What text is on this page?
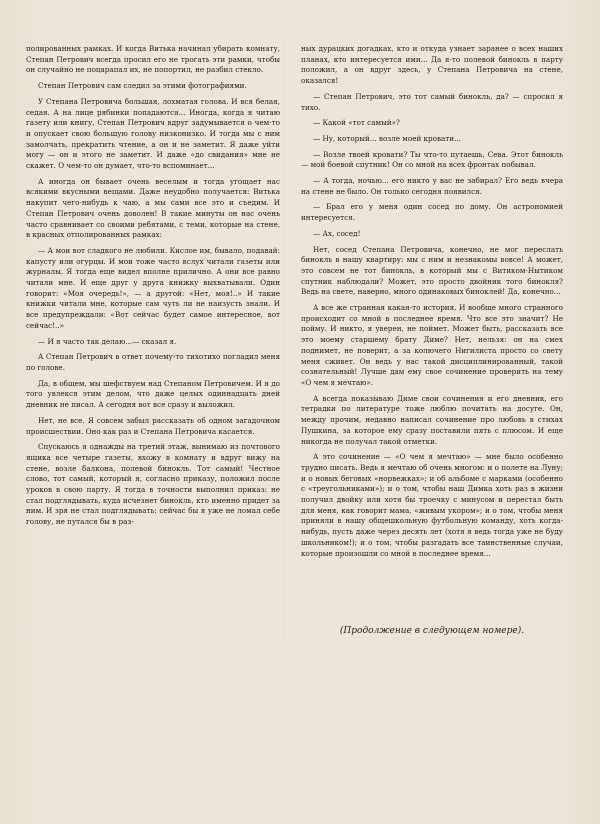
полированных рамках. И когда Витька начинал убирать комнату, Степан Петрович всегда просил его не трогать эти рамки, чтобы он случайно не поцарапал их, не попортил, не разбил стекло.

Степан Петрович сам следил за этими фотографиями.

У Степана Петровича большая, лохматая голова. И вся белая, седая. А на лице рябинки попадаются... Иногда, когда я читаю газету или книгу, Степан Петрович вдруг задумывается о чем-то и опускает свою большую голову низконизко. И тогда мы с ним замолчать, прекратить чтение, а он и не заметит. Я даже уйти могу — он и этого не заметит. И даже «до свидания» мне не скажет. О чем-то он думает, что-то вспоминает...

А иногда он бывает очень веселым и тогда угощает нас всякими вкусными вещами. Даже неудобно получается: Витька накупит чего-нибудь к чаю, а мы сами все это и съедим. И Степан Петрович очень доволен! В такие минуты он нас очень часто сравнивает со своими ребятами, с теми, которые на стене, в красных отполированных рамках:

— А мои вот сладкого не любили. Кислое им, бывало, подавай: капусту или огурцы. И мои тоже часто вслух читали газеты или журналы. Я тогда еще видел вполне прилично. А они все равно читали мне. И еще друг у друга книжку выхватывали. Один говорит: «Моя очередь!», — а другой: «Нет, моя!..» И такие книжки читали мне, которые сам чуть ли не наизусть знали. И все предупреждали: «Вот сейчас будет самое интересное, вот сейчас!..»

— И я часто так делаю...— сказал я.

А Степан Петрович в ответ почему-то тихотихо погладил меня по голове.

Да, в общем, мы шефствуем над Степаном Петровичем. И я до того увлекся этим делом, что даже целых одиннадцать дней дневник не писал. А сегодня вот все сразу и выложил.

Нет, не все. Я совсем забыл рассказать об одном загадочном происшествии. Оно как раз и Степана Петровича касается.

Спускаюсь я однажды на третий этаж, вынимаю из почтового ящика все четыре газеты, вхожу в комнату и вдруг вижу на стене, возле балкона, полевой бинокль. Тот самый! Честное слово, тот самый, который я, согласно приказу, положил после уроков в свою парту. Я тогда в точности выполнил приказ: не стал подглядывать, куда исчезнет бинокль, кто именно придет за ним. И зря не стал подглядывать: сейчас бы я уже не ломал себе голову, не путался бы в раз-

ных дурацких догадках, кто и откуда узнает заранее о всех наших планах, кто интересуется ими... Да я-то полевой бинокль в парту положил, а он вдруг здесь, у Степана Петровича на стене, оказался!

— Степан Петрович, это тот самый бинокль, да? — спросил я тихо.

— Какой «тот самый»?

— Ну, который... возле моей кровати...

— Возле твоей кровати? Ты что-то путаешь, Сева. Этот бинокль — мой боевой спутник! Он со мной на всех фронтах побывал.

— А тогда, ночью... его никто у вас не забирал? Его ведь вчера на стене не было. Он только сегодня появился.

— Брал его у меня один сосед по дому. Он астрономией интересуется.

— Ах, сосед!

Нет, сосед Степана Петровича, конечно, не мог переслать бинокль в нашу квартиру: мы с ним и незнакомы вовсе! А может, это совсем не тот бинокль, в который мы с Витиком-Нытиком спутник наблюдали? Может, это просто двойник того бинокля? Ведь на свете, наверно, много одинаковых биноклей! Да, конечно...

А все же странная какая-то история. И вообще много странного происходит со мной в последнее время. Что все это значит? Не пойму. И никто, я уверен, не поймет. Может быть, рассказать все это моему старшему брату Диме? Нет, нельзя: он на смех поднимет, не поверит, а за колючего Нигилиста просто со свету меня сживет. Он ведь у нас такой дисциплинированный, такой сознательный! Лучше дам ему свое сочинение проверить на тему «О чем я мечтаю».

А всегда показываю Диме свои сочинения и его дневник, его тетрадки по литературе тоже люблю почитать на досуге. Он, между прочим, недавно написал сочинение про любовь в стихах Пушкина, за которое ему сразу поставили пять с плюсом. И еще никогда не получал такой отметки.

А это сочинение — «О чем я мечтаю» — мне было особенно трудно писать. Ведь я мечтаю об очень многом: и о полете на Луну; и о новых беговых «норвежках»; и об альбоме с марками (особенно с «треугольниками»); и о том, чтобы наш Димка хоть раз в жизни получил двойку или хотя бы троечку с минусом и перестал быть для меня, как говорит мама, «живым укором»; и о том, чтобы меня приняли в нашу общешкольную футбольную команду, хоть когда-нибудь, пусть даже через десять лет (хотя я ведь тогда уже не буду школьником!); и о том, чтобы разгадать все таинственные случаи, которые произошли со мной в последнее время...

(Продолжение в следующем номере).
